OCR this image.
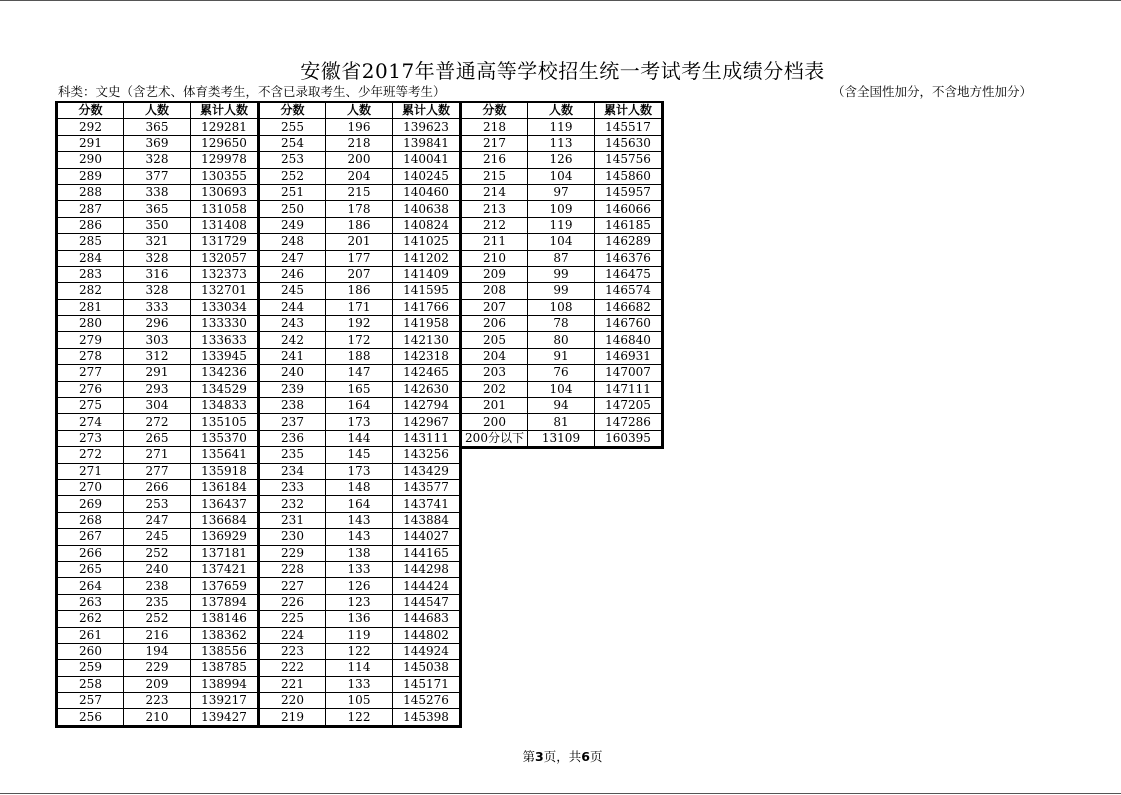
安徽省2017年普通高等学校招生统一考试考生成绩分档表
科类：文史（含艺术、体育类考生，不含已录取考生、少年班等考生）	（含全国性加分，不含地方性加分）
分数	人数	累计人数
292	365	129281
291	369	129650
290	328	129978
289	377	130355
288	338	130693
287	365	131058
286	350	131408
285	321	131729
284	328	132057
283	316	132373
282	328	132701
281	333	133034
280	296	133330
279	303	133633
278	312	133945
277	291	134236
276	293	134529
275	304	134833
274	272	135105
273	265	135370
272	271	135641
271	277	135918
270	266	136184
269	253	136437
268	247	136684
267	245	136929
266	252	137181
265	240	137421
264	238	137659
263	235	137894
262	252	138146
261	216	138362
260	194	138556
259	229	138785
258	209	138994
257	223	139217
256	210	139427
分数	人数	累计人数
255	196	139623
254	218	139841
253	200	140041
252	204	140245
251	215	140460
250	178	140638
249	186	140824
248	201	141025
247	177	141202
246	207	141409
245	186	141595
244	171	141766
243	192	141958
242	172	142130
241	188	142318
240	147	142465
239	165	142630
238	164	142794
237	173	142967
236	144	143111
235	145	143256
234	173	143429
233	148	143577
232	164	143741
231	143	143884
230	143	144027
229	138	144165
228	133	144298
227	126	144424
226	123	144547
225	136	144683
224	119	144802
223	122	144924
222	114	145038
221	133	145171
220	105	145276
219	122	145398
分数	人数	累计人数
218	119	145517
217	113	145630
216	126	145756
215	104	145860
214	97	145957
213	109	146066
212	119	146185
211	104	146289
210	87	146376
209	99	146475
208	99	146574
207	108	146682
206	78	146760
205	80	146840
204	91	146931
203	76	147007
202	104	147111
201	94	147205
200	81	147286
200分以下	13109	160395
第3页，共6页
